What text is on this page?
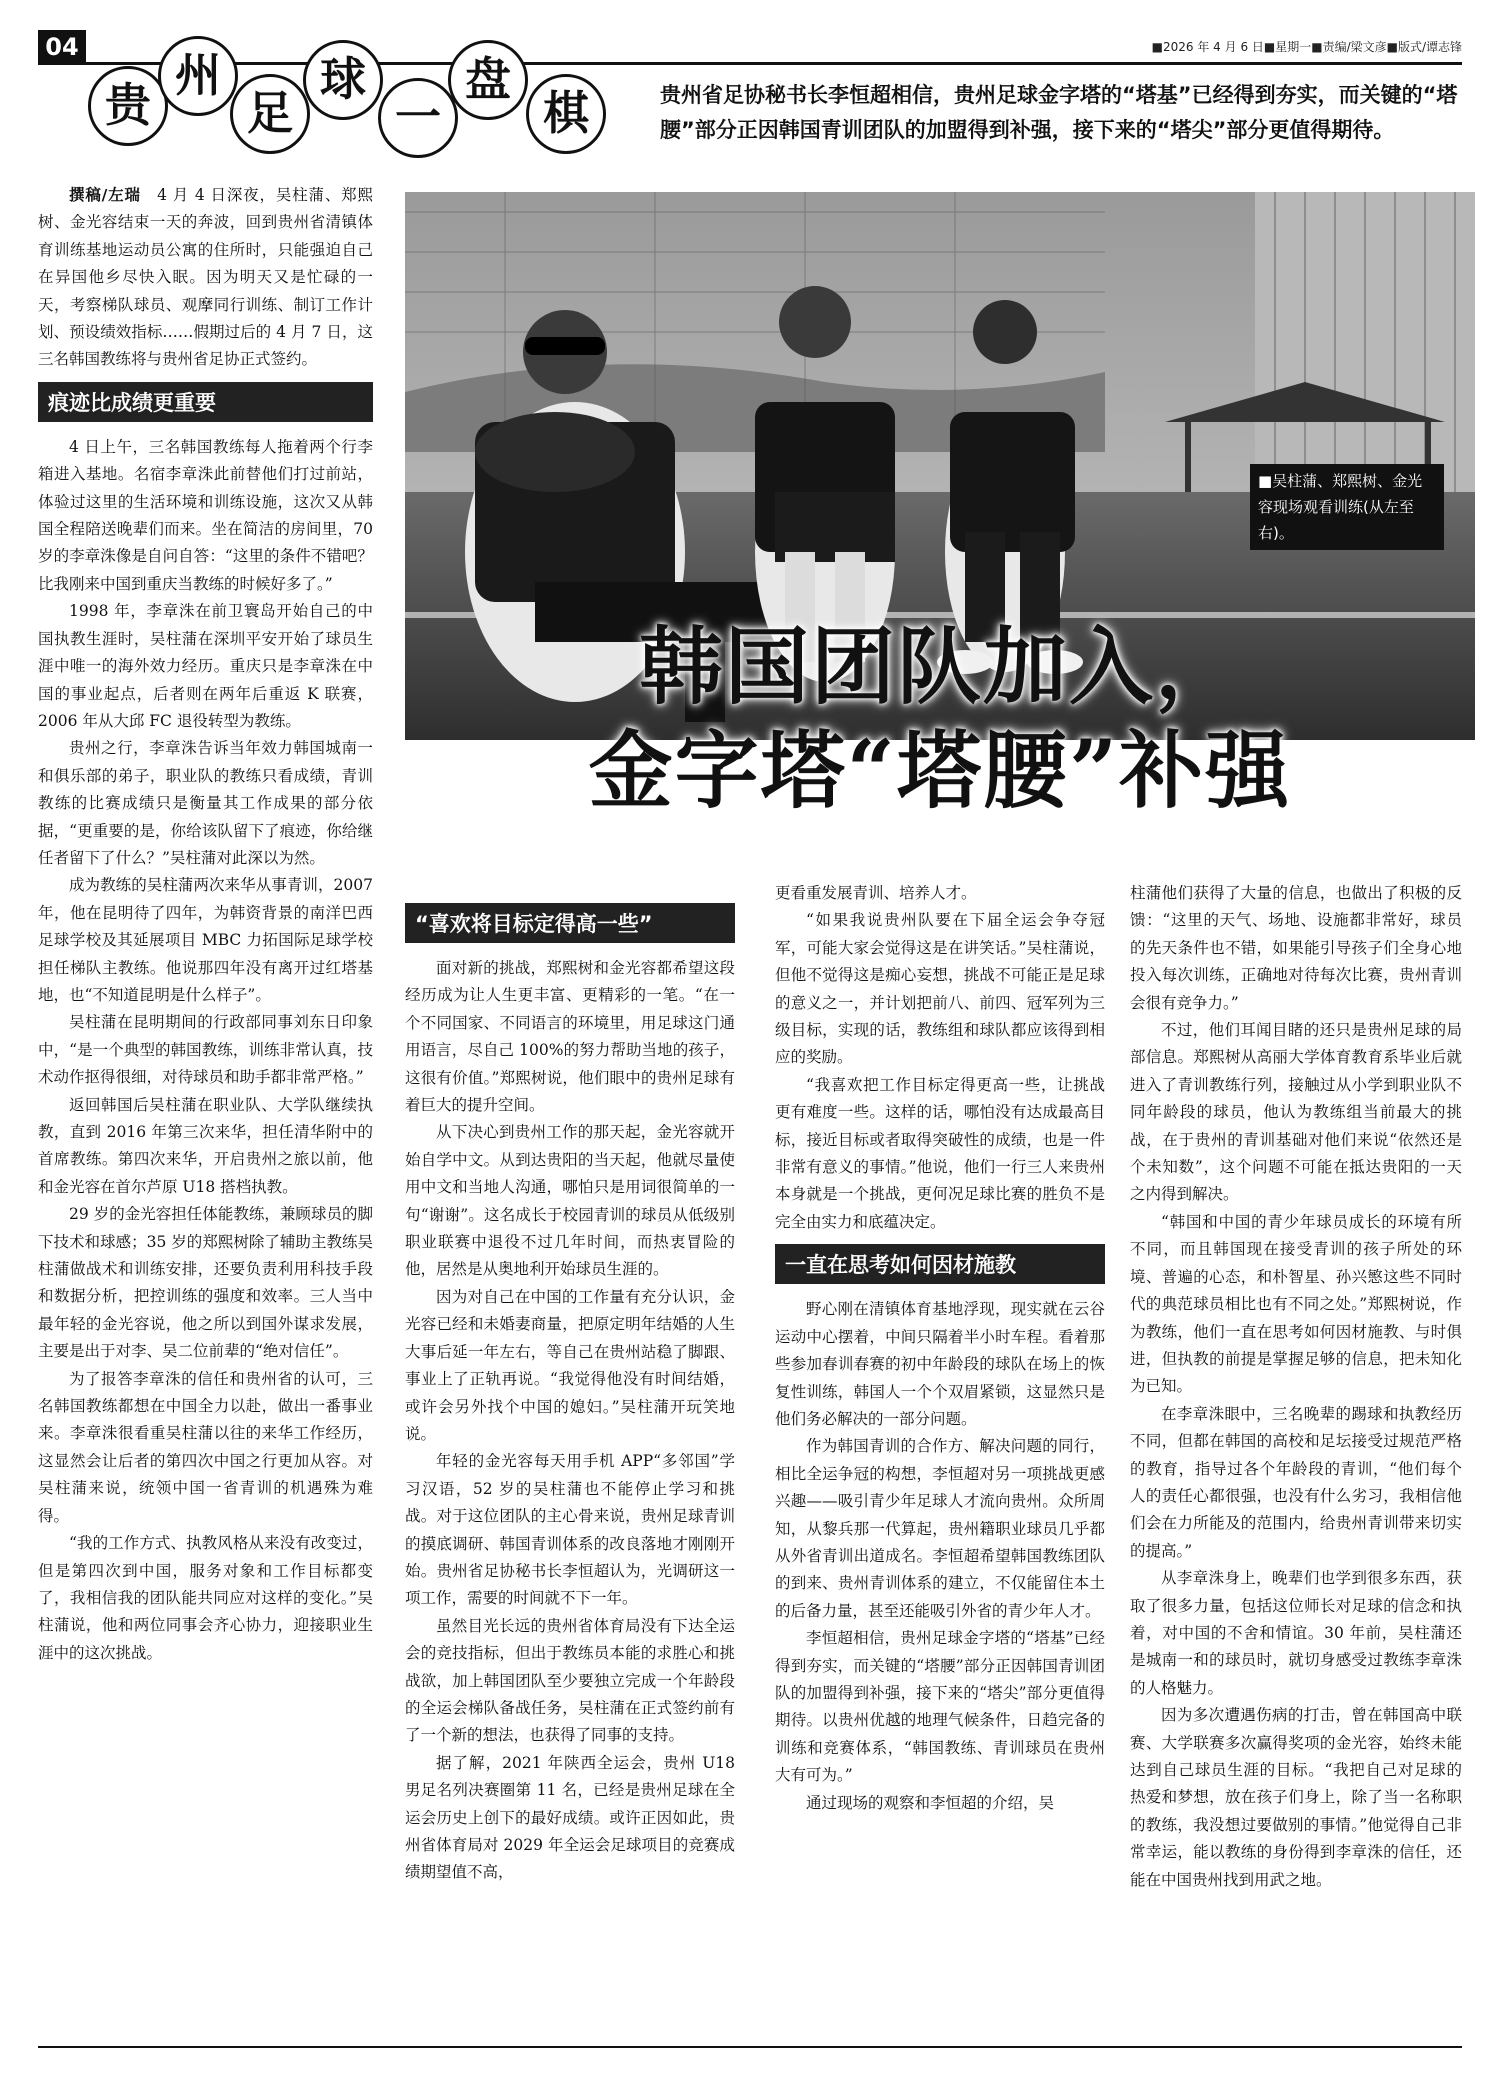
04	■2026 年 4 月 6 日■星期一■责编/梁文彦■版式/谭志锋
贵
州
足
球
一
盘
棋	贵州省足协秘书长李恒超相信，贵州足球金字塔的“塔基”已经得到夯实，而关键的“塔腰”部分正因韩国青训团队的加盟得到补强，接下来的“塔尖”部分更值得期待。
■吴柱蒲、郑熙树、金光容现场观看训练(从左至右)。
韩国团队加入，
金字塔“塔腰”补强

撰稿/左瑞　 4 月 4 日深夜，吴柱蒲、郑熙树、金光容结束一天的奔波，回到贵州省清镇体育训练基地运动员公寓的住所时，只能强迫自己在异国他乡尽快入眠。因为明天又是忙碌的一天，考察梯队球员、观摩同行训练、制订工作计划、预设绩效指标……假期过后的 4 月 7 日，这三名韩国教练将与贵州省足协正式签约。

痕迹比成绩更重要

4 日上午，三名韩国教练每人拖着两个行李箱进入基地。名宿李章洙此前替他们打过前站，体验过这里的生活环境和训练设施，这次又从韩国全程陪送晚辈们而来。坐在简洁的房间里，70 岁的李章洙像是自问自答：“这里的条件不错吧？比我刚来中国到重庆当教练的时候好多了。”

1998 年，李章洙在前卫寰岛开始自己的中国执教生涯时，吴柱蒲在深圳平安开始了球员生涯中唯一的海外效力经历。重庆只是李章洙在中国的事业起点，后者则在两年后重返 K 联赛，2006 年从大邱 FC 退役转型为教练。

贵州之行，李章洙告诉当年效力韩国城南一和俱乐部的弟子，职业队的教练只看成绩，青训教练的比赛成绩只是衡量其工作成果的部分依据，“更重要的是，你给该队留下了痕迹，你给继任者留下了什么？”吴柱蒲对此深以为然。

成为教练的吴柱蒲两次来华从事青训，2007 年，他在昆明待了四年，为韩资背景的南洋巴西足球学校及其延展项目 MBC 力拓国际足球学校担任梯队主教练。他说那四年没有离开过红塔基地，也“不知道昆明是什么样子”。

吴柱蒲在昆明期间的行政部同事刘东日印象中，“是一个典型的韩国教练，训练非常认真，技术动作抠得很细，对待球员和助手都非常严格。”

返回韩国后吴柱蒲在职业队、大学队继续执教，直到 2016 年第三次来华，担任清华附中的首席教练。第四次来华，开启贵州之旅以前，他和金光容在首尔芦原 U18 搭档执教。

29 岁的金光容担任体能教练，兼顾球员的脚下技术和球感；35 岁的郑熙树除了辅助主教练吴柱蒲做战术和训练安排，还要负责利用科技手段和数据分析，把控训练的强度和效率。三人当中最年轻的金光容说，他之所以到国外谋求发展，主要是出于对李、吴二位前辈的“绝对信任”。

为了报答李章洙的信任和贵州省的认可，三名韩国教练都想在中国全力以赴，做出一番事业来。李章洙很看重吴柱蒲以往的来华工作经历，这显然会让后者的第四次中国之行更加从容。对吴柱蒲来说，统领中国一省青训的机遇殊为难得。

“我的工作方式、执教风格从来没有改变过，但是第四次到中国，服务对象和工作目标都变了，我相信我的团队能共同应对这样的变化。”吴柱蒲说，他和两位同事会齐心协力，迎接职业生涯中的这次挑战。

“喜欢将目标定得高一些”

面对新的挑战，郑熙树和金光容都希望这段经历成为让人生更丰富、更精彩的一笔。“在一个不同国家、不同语言的环境里，用足球这门通用语言，尽自己 100%的努力帮助当地的孩子，这很有价值。”郑熙树说，他们眼中的贵州足球有着巨大的提升空间。

从下决心到贵州工作的那天起，金光容就开始自学中文。从到达贵阳的当天起，他就尽量使用中文和当地人沟通，哪怕只是用词很简单的一句“谢谢”。这名成长于校园青训的球员从低级别职业联赛中退役不过几年时间，而热衷冒险的他，居然是从奥地利开始球员生涯的。

因为对自己在中国的工作量有充分认识，金光容已经和未婚妻商量，把原定明年结婚的人生大事后延一年左右，等自己在贵州站稳了脚跟、事业上了正轨再说。“我觉得他没有时间结婚，或许会另外找个中国的媳妇。”吴柱蒲开玩笑地说。

年轻的金光容每天用手机 APP“多邻国”学习汉语，52 岁的吴柱蒲也不能停止学习和挑战。对于这位团队的主心骨来说，贵州足球青训的摸底调研、韩国青训体系的改良落地才刚刚开始。贵州省足协秘书长李恒超认为，光调研这一项工作，需要的时间就不下一年。

虽然目光长远的贵州省体育局没有下达全运会的竞技指标，但出于教练员本能的求胜心和挑战欲，加上韩国团队至少要独立完成一个年龄段的全运会梯队备战任务，吴柱蒲在正式签约前有了一个新的想法，也获得了同事的支持。

据了解，2021 年陕西全运会，贵州 U18 男足名列决赛圈第 11 名，已经是贵州足球在全运会历史上创下的最好成绩。或许正因如此，贵州省体育局对 2029 年全运会足球项目的竞赛成绩期望值不高，

更看重发展青训、培养人才。

“如果我说贵州队要在下届全运会争夺冠军，可能大家会觉得这是在讲笑话。”吴柱蒲说，但他不觉得这是痴心妄想，挑战不可能正是足球的意义之一，并计划把前八、前四、冠军列为三级目标，实现的话，教练组和球队都应该得到相应的奖励。

“我喜欢把工作目标定得更高一些，让挑战更有难度一些。这样的话，哪怕没有达成最高目标，接近目标或者取得突破性的成绩，也是一件非常有意义的事情。”他说，他们一行三人来贵州本身就是一个挑战，更何况足球比赛的胜负不是完全由实力和底蕴决定。

一直在思考如何因材施教

野心刚在清镇体育基地浮现，现实就在云谷运动中心摆着，中间只隔着半小时车程。看着那些参加春训春赛的初中年龄段的球队在场上的恢复性训练，韩国人一个个双眉紧锁，这显然只是他们务必解决的一部分问题。

作为韩国青训的合作方、解决问题的同行，相比全运争冠的构想，李恒超对另一项挑战更感兴趣——吸引青少年足球人才流向贵州。众所周知，从黎兵那一代算起，贵州籍职业球员几乎都从外省青训出道成名。李恒超希望韩国教练团队的到来、贵州青训体系的建立，不仅能留住本土的后备力量，甚至还能吸引外省的青少年人才。

李恒超相信，贵州足球金字塔的“塔基”已经得到夯实，而关键的“塔腰”部分正因韩国青训团队的加盟得到补强，接下来的“塔尖”部分更值得期待。以贵州优越的地理气候条件，日趋完备的训练和竞赛体系，“韩国教练、青训球员在贵州大有可为。”

通过现场的观察和李恒超的介绍，吴

柱蒲他们获得了大量的信息，也做出了积极的反馈：“这里的天气、场地、设施都非常好，球员的先天条件也不错，如果能引导孩子们全身心地投入每次训练，正确地对待每次比赛，贵州青训会很有竞争力。”

不过，他们耳闻目睹的还只是贵州足球的局部信息。郑熙树从高丽大学体育教育系毕业后就进入了青训教练行列，接触过从小学到职业队不同年龄段的球员，他认为教练组当前最大的挑战，在于贵州的青训基础对他们来说“依然还是个未知数”，这个问题不可能在抵达贵阳的一天之内得到解决。

“韩国和中国的青少年球员成长的环境有所不同，而且韩国现在接受青训的孩子所处的环境、普遍的心态，和朴智星、孙兴慜这些不同时代的典范球员相比也有不同之处。”郑熙树说，作为教练，他们一直在思考如何因材施教、与时俱进，但执教的前提是掌握足够的信息，把未知化为已知。

在李章洙眼中，三名晚辈的踢球和执教经历不同，但都在韩国的高校和足坛接受过规范严格的教育，指导过各个年龄段的青训，“他们每个人的责任心都很强，也没有什么劣习，我相信他们会在力所能及的范围内，给贵州青训带来切实的提高。”

从李章洙身上，晚辈们也学到很多东西，获取了很多力量，包括这位师长对足球的信念和执着，对中国的不舍和情谊。30 年前，吴柱蒲还是城南一和的球员时，就切身感受过教练李章洙的人格魅力。

因为多次遭遇伤病的打击，曾在韩国高中联赛、大学联赛多次赢得奖项的金光容，始终未能达到自己球员生涯的目标。“我把自己对足球的热爱和梦想，放在孩子们身上，除了当一名称职的教练，我没想过要做别的事情。”他觉得自己非常幸运，能以教练的身份得到李章洙的信任，还能在中国贵州找到用武之地。
